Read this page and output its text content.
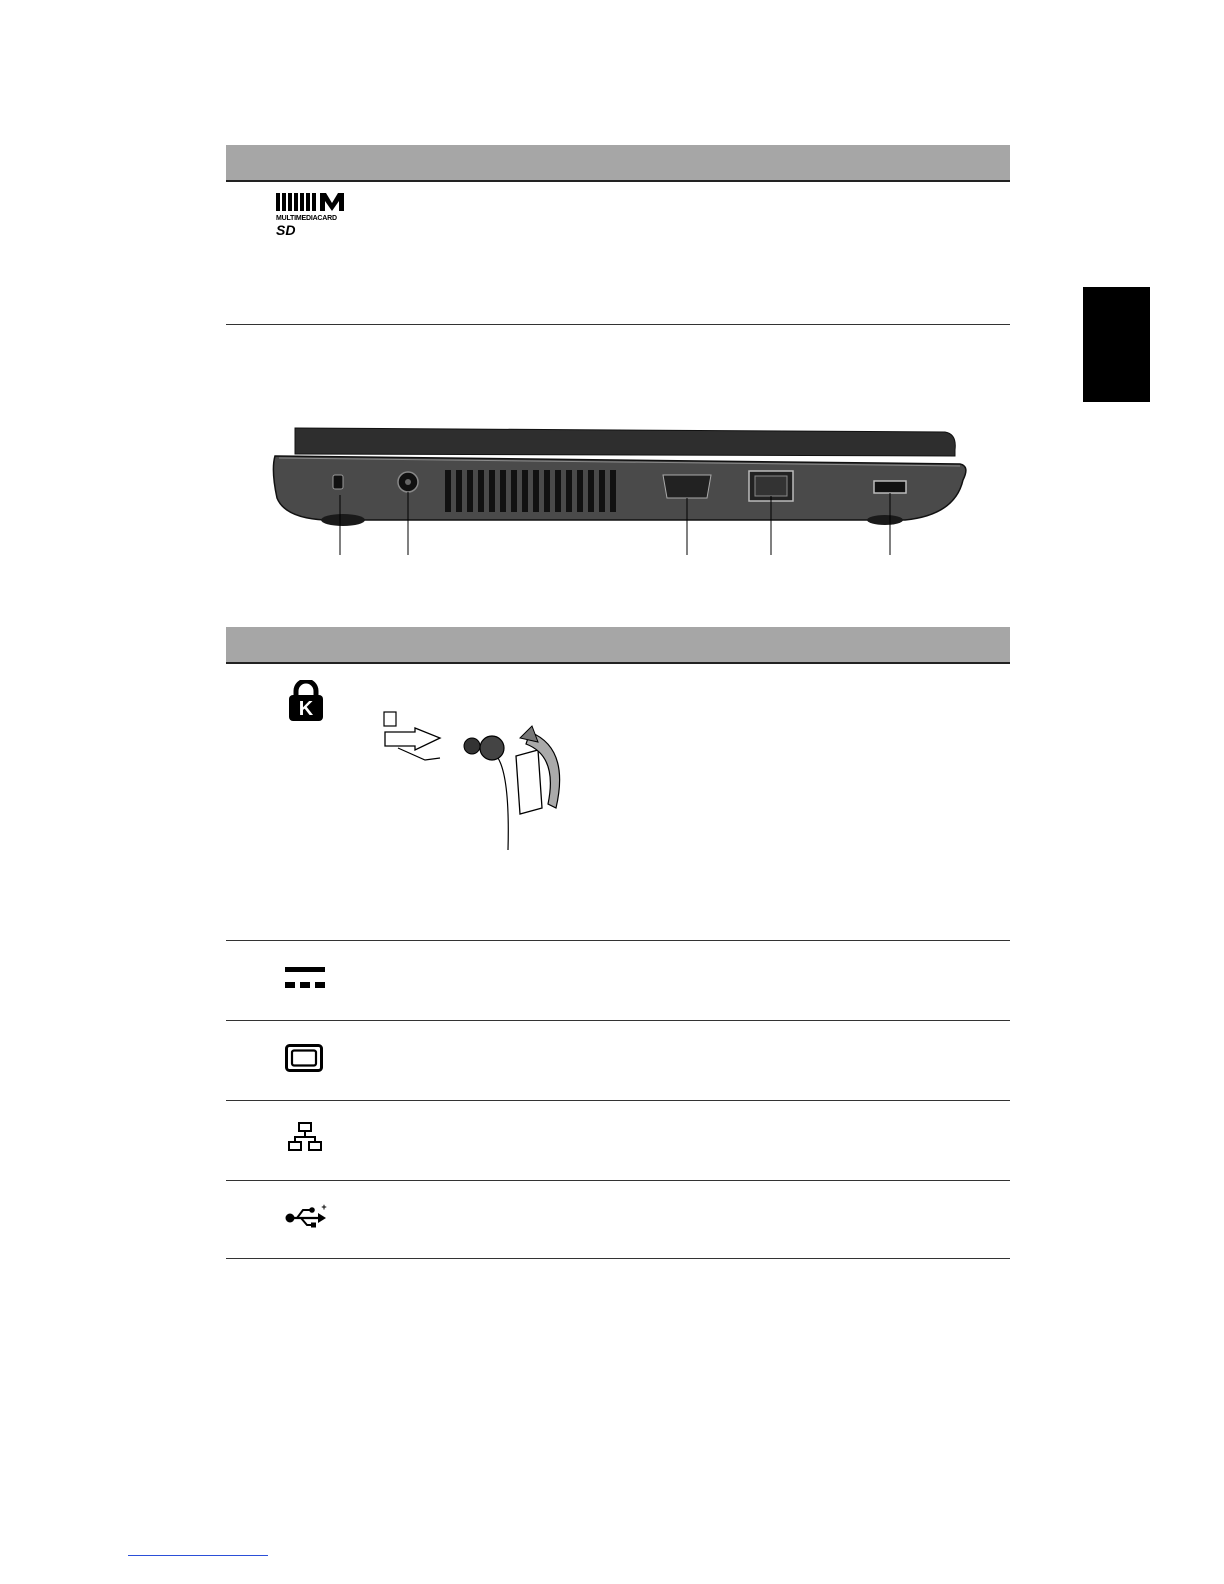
MULTIMEDIACARD
SD
K
+
